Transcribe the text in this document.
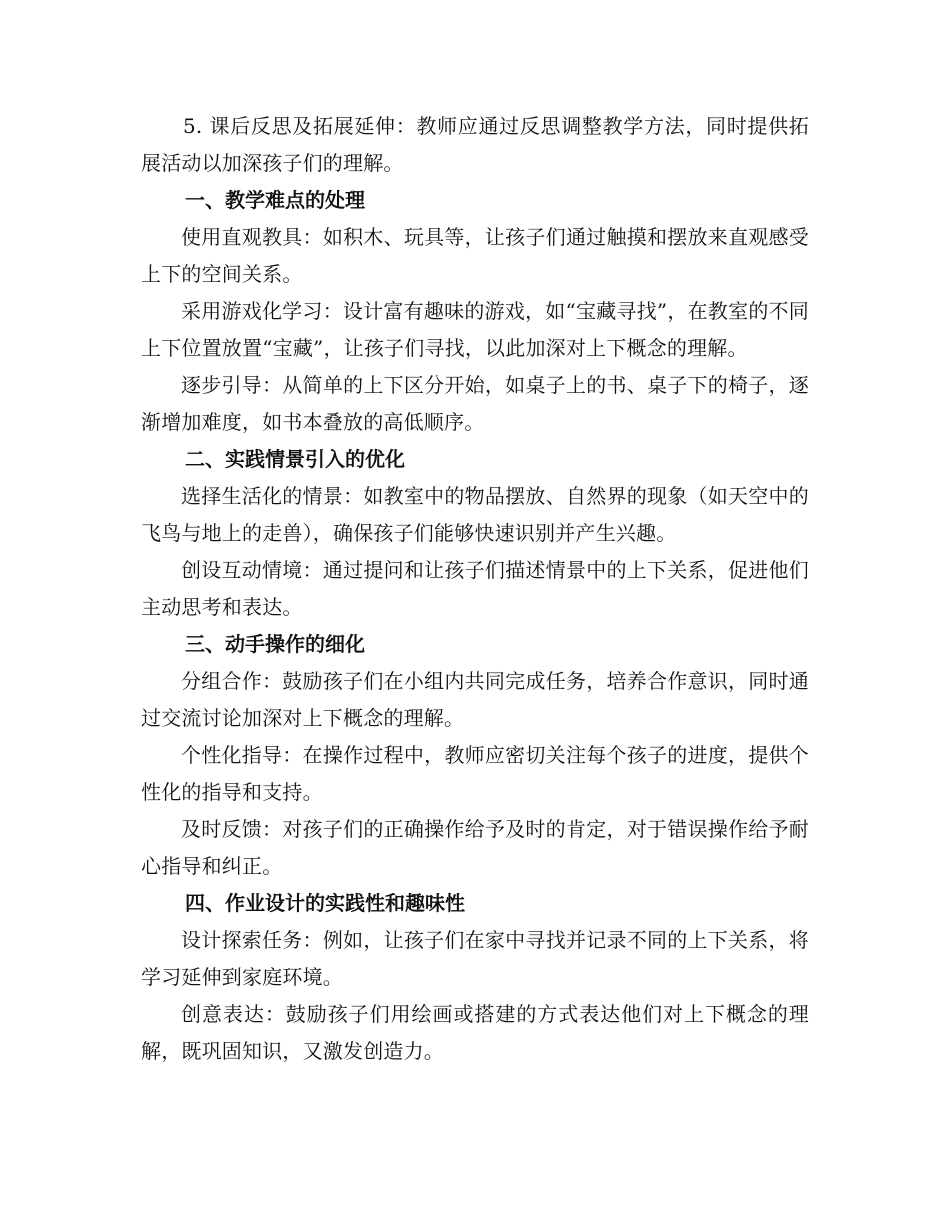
5. 课后反思及拓展延伸：教师应通过反思调整教学方法，同时提供拓展活动以加深孩子们的理解。

一、教学难点的处理

使用直观教具：如积木、玩具等，让孩子们通过触摸和摆放来直观感受上下的空间关系。

采用游戏化学习：设计富有趣味的游戏，如“宝藏寻找”，在教室的不同上下位置放置“宝藏”，让孩子们寻找，以此加深对上下概念的理解。

逐步引导：从简单的上下区分开始，如桌子上的书、桌子下的椅子，逐渐增加难度，如书本叠放的高低顺序。

二、实践情景引入的优化

选择生活化的情景：如教室中的物品摆放、自然界的现象（如天空中的飞鸟与地上的走兽），确保孩子们能够快速识别并产生兴趣。

创设互动情境：通过提问和让孩子们描述情景中的上下关系，促进他们主动思考和表达。

三、动手操作的细化

分组合作：鼓励孩子们在小组内共同完成任务，培养合作意识，同时通过交流讨论加深对上下概念的理解。

个性化指导：在操作过程中，教师应密切关注每个孩子的进度，提供个性化的指导和支持。

及时反馈：对孩子们的正确操作给予及时的肯定，对于错误操作给予耐心指导和纠正。

四、作业设计的实践性和趣味性

设计探索任务：例如，让孩子们在家中寻找并记录不同的上下关系，将学习延伸到家庭环境。

创意表达：鼓励孩子们用绘画或搭建的方式表达他们对上下概念的理解，既巩固知识，又激发创造力。
